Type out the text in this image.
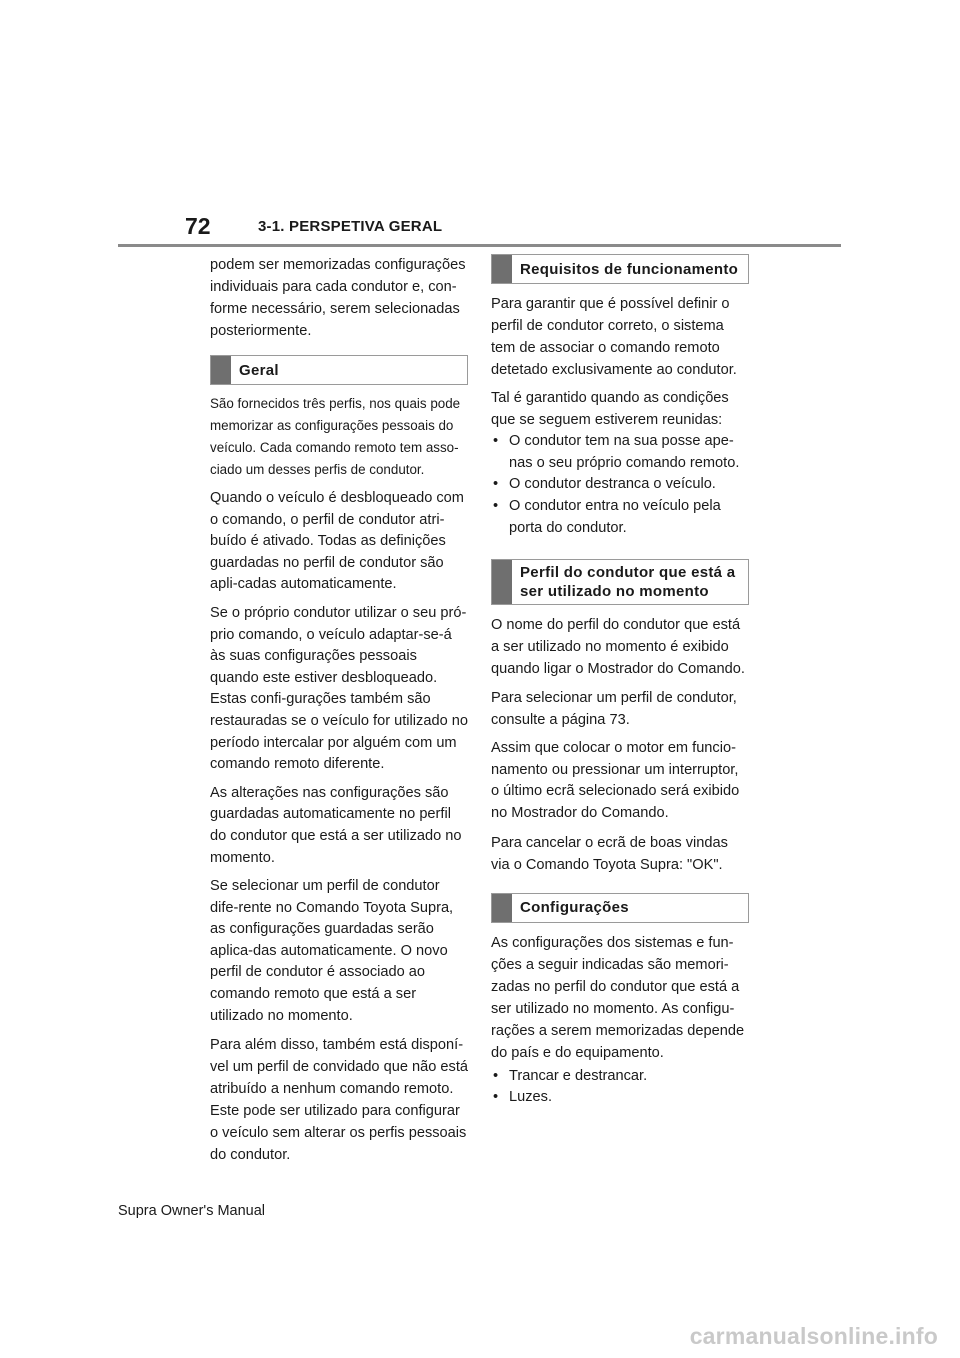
72	3-1. PERSPETIVA GERAL

podem ser memorizadas configurações individuais para cada condutor e, con-forme necessário, serem selecionadas posteriormente.

Geral

São fornecidos três perfis, nos quais pode memorizar as configurações pessoais do veículo. Cada comando remoto tem asso-ciado um desses perfis de condutor.

Quando o veículo é desbloqueado com o comando, o perfil de condutor atri-buído é ativado. Todas as definições guardadas no perfil de condutor são apli-cadas automaticamente.

Se o próprio condutor utilizar o seu pró-prio comando, o veículo adaptar-se-á às suas configurações pessoais quando este estiver desbloqueado. Estas confi-gurações também são restauradas se o veículo for utilizado no período intercalar por alguém com um comando remoto diferente.

As alterações nas configurações são guardadas automaticamente no perfil do condutor que está a ser utilizado no momento.

Se selecionar um perfil de condutor dife-rente no Comando Toyota Supra, as configurações guardadas serão aplica-das automaticamente. O novo perfil de condutor é associado ao comando remoto que está a ser utilizado no momento.

Para além disso, também está disponí-vel um perfil de convidado que não está atribuído a nenhum comando remoto. Este pode ser utilizado para configurar o veículo sem alterar os perfis pessoais do condutor.

Requisitos de funcionamento

Para garantir que é possível definir o perfil de condutor correto, o sistema tem de associar o comando remoto detetado exclusivamente ao condutor.

Tal é garantido quando as condições que se seguem estiverem reunidas:

• O condutor tem na sua posse ape-nas o seu próprio comando remoto.
• O condutor destranca o veículo.
• O condutor entra no veículo pela porta do condutor.
Perfil do condutor que está a ser utilizado no momento

O nome do perfil do condutor que está a ser utilizado no momento é exibido quando ligar o Mostrador do Comando.

Para selecionar um perfil de condutor, consulte a página 73.

Assim que colocar o motor em funcio-namento ou pressionar um interruptor, o último ecrã selecionado será exibido no Mostrador do Comando.

Para cancelar o ecrã de boas vindas via o Comando Toyota Supra: "OK".

Configurações

As configurações dos sistemas e fun-ções a seguir indicadas são memori-zadas no perfil do condutor que está a ser utilizado no momento. As configu-rações a serem memorizadas depende do país e do equipamento.

• Trancar e destrancar.
• Luzes.
Supra Owner's Manual
carmanualsonline.info
